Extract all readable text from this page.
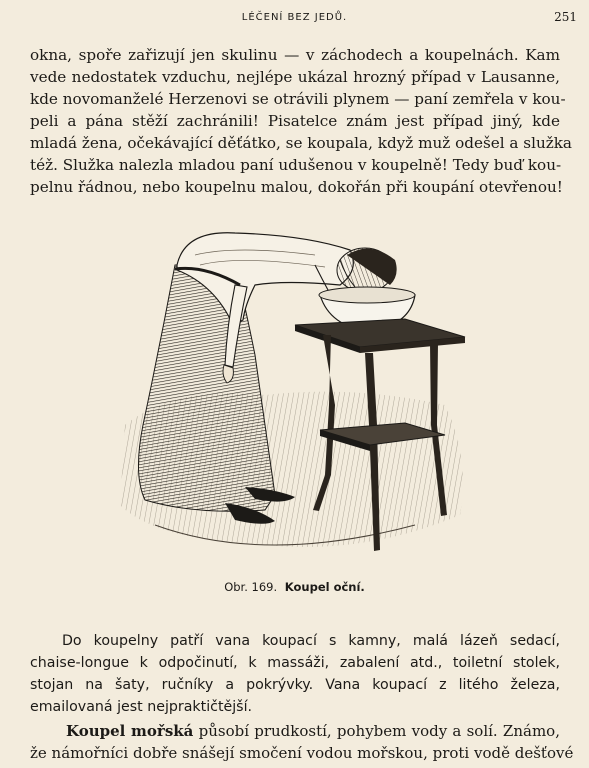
LÉČENÍ BEZ JEDŮ.	251
okna, spoře zařizují jen skulinu — v záchodech a koupelnách. Kam
vede nedostatek vzduchu, nejlépe ukázal hrozný případ v Lausanne,
kde novomanželé Herzenovi se otrávili plynem — paní zemřela v kou-
peli a pána stěží zachránili! Pisatelce znám jest případ jiný, kde
mladá žena, očekávající děťátko, se koupala, když muž odešel a služka
též. Služka nalezla mladou paní udušenou v koupelně! Tedy buď kou-
pelnu řádnou, nebo koupelnu malou, dokořán při koupání otevřenou!
Obr. 169. Koupel oční.
Do koupelny patří vana koupací s kamny, malá lázeň sedací,
chaise-longue k odpočinutí, k massáži, zabalení atd., toiletní stolek,
stojan na šaty, ručníky a pokrývky. Vana koupací z litého železa,
emailovaná jest nejpraktičtější.
Koupel mořská působí prudkostí, pohybem vody a solí. Známo,
že námořníci dobře snášejí smočení vodou mořskou, proti vodě dešťové
